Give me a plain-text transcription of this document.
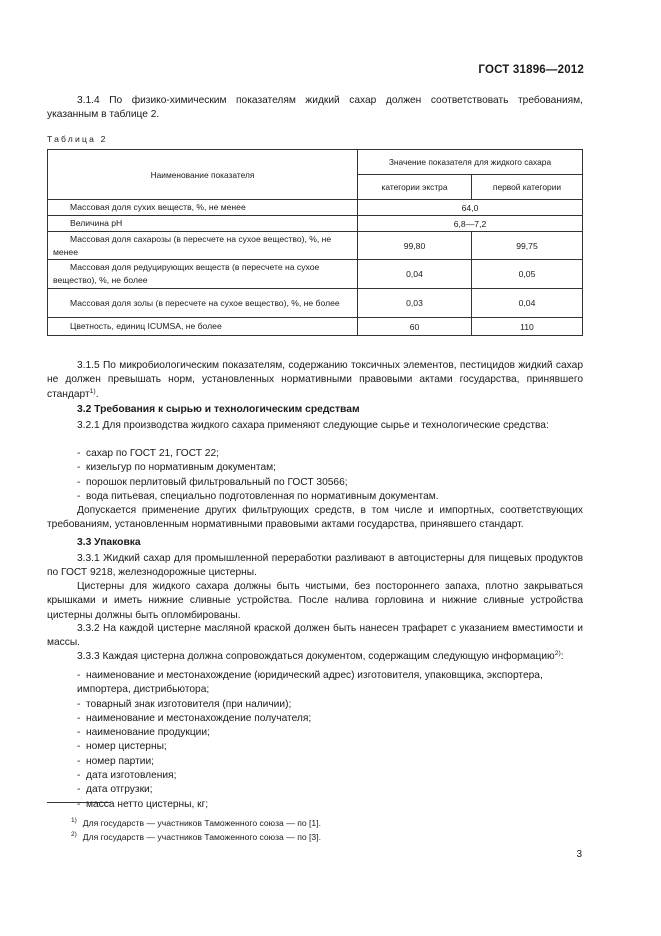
ГОСТ 31896—2012

3.1.4 По физико-химическим показателям жидкий сахар должен соответствовать требованиям, указанным в таблице 2.

Таблица 2
Наименование показателя	Значение показателя для жидкого сахара	
	категории экстра	первой категории

Массовая доля сухих веществ, %, не менее	64,0	

Величина рН	6,8—7,2	

Массовая доля сахарозы (в пересчете на сухое вещество), %, не менее	99,80	99,75

Массовая доля редуцирующих веществ (в пересчете на сухое вещество), %, не более	0,04	0,05

Массовая доля золы (в пересчете на сухое вещество), %, не более	0,03	0,04

Цветность, единиц ICUMSA, не более	60	110

3.1.5 По микробиологическим показателям, содержанию токсичных элементов, пестицидов жидкий сахар не должен превышать норм, установленных нормативными правовыми актами государства, принявшего стандарт$^{1)}$.

3.2 Требования к сырью и технологическим средствам

3.2.1 Для производства жидкого сахара применяют следующие сырье и технологические средства:

- сахар по ГОСТ 21, ГОСТ 22;
- кизельгур по нормативным документам;
- порошок перлитовый фильтровальный по ГОСТ 30566;
- вода питьевая, специально подготовленная по нормативным документам.

Допускается применение других фильтрующих средств, в том числе и импортных, соответствующих требованиям, установленным нормативными правовыми актами государства, принявшего стандарт.

3.3 Упаковка

3.3.1 Жидкий сахар для промышленной переработки разливают в автоцистерны для пищевых продуктов по ГОСТ 9218, железнодорожные цистерны.

Цистерны для жидкого сахара должны быть чистыми, без постороннего запаха, плотно закрываться крышками и иметь нижние сливные устройства. После налива горловина и нижние сливные устройства цистерны должны быть опломбированы.

3.3.2 На каждой цистерне масляной краской должен быть нанесен трафарет с указанием вместимости и массы.

3.3.3 Каждая цистерна должна сопровождаться документом, содержащим следующую информацию$^{2)}$:

- наименование и местонахождение (юридический адрес) изготовителя, упаковщика, экспортера, импортера, дистрибьютора;
- товарный знак изготовителя (при наличии);
- наименование и местонахождение получателя;
- наименование продукции;
- номер цистерны;
- номер партии;
- дата изготовления;
- дата отгрузки;
- масса нетто цистерны, кг;
$^{1)}$ Для государств — участников Таможенного союза — по [1].
$^{2)}$ Для государств — участников Таможенного союза — по [3].
3
